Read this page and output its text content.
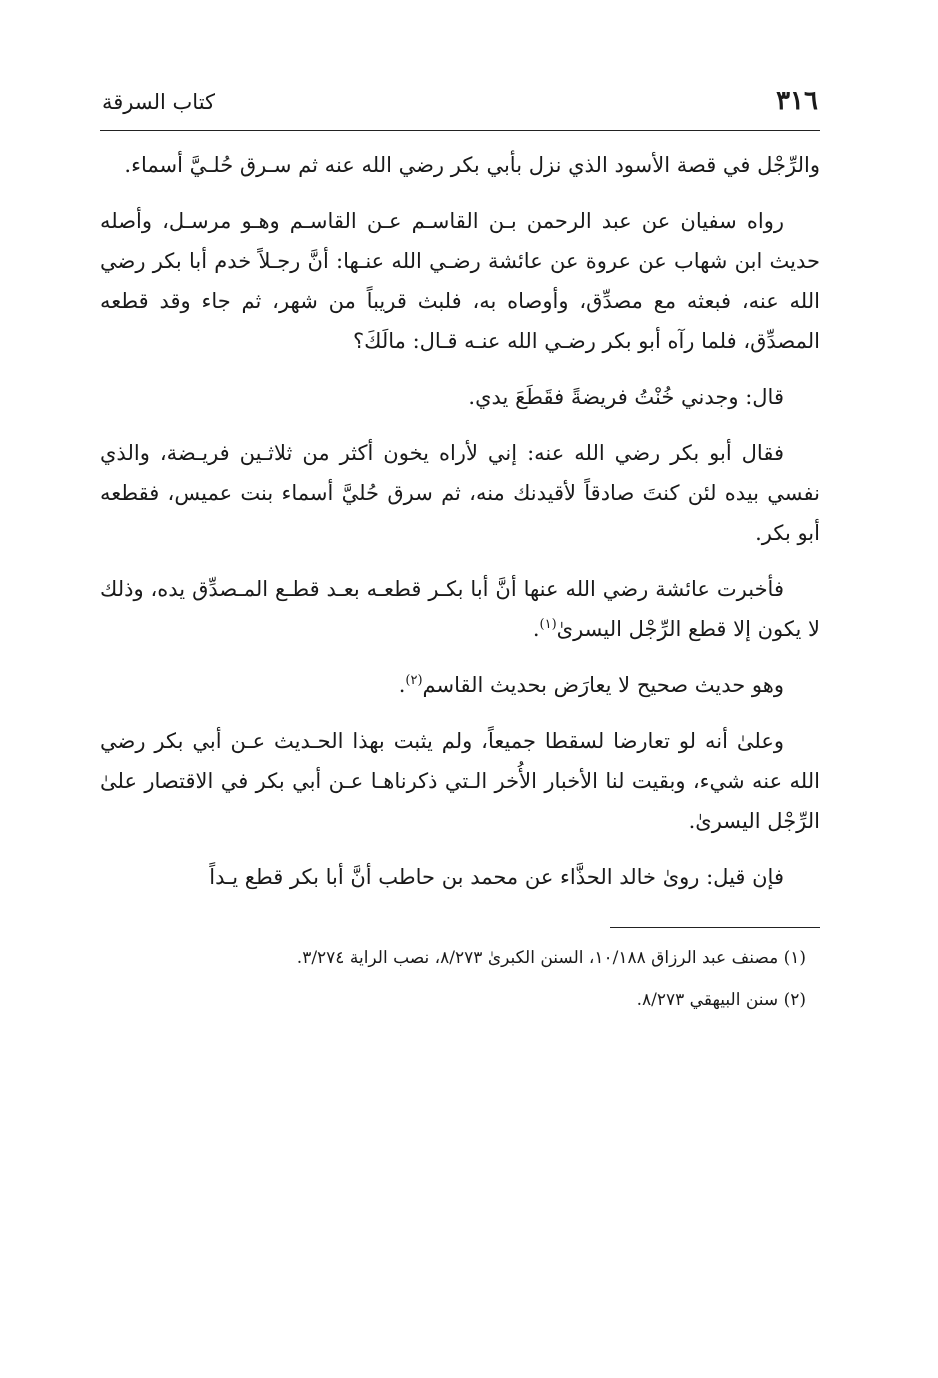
٣١٦
كتاب السرقة

والرِّجْل في قصة الأسود الذي نزل بأبي بكر رضي الله عنه ثم سـرق حُلـيَّ أسماء.

رواه سفيان عن عبد الرحمن بـن القاسـم عـن القاسـم وهـو مرسـل، وأصله حديث ابن شهاب عن عروة عن عائشة رضـي الله عنـها: أنَّ رجـلاً خدم أبا بكر رضي الله عنه، فبعثه مع مصدِّق، وأوصاه به، فلبث قريباً من شهر، ثم جاء وقد قطعه المصدِّق، فلما رآه أبو بكر رضـي الله عنـه قـال: مالَكَ؟

قال: وجدني خُنْتُ فريضةً فقَطَعَ يدي.

فقال أبو بكر رضي الله عنه: إني لأراه يخون أكثر من ثلاثـين فريـضة، والذي نفسي بيده لئن كنتَ صادقاً لأقيدنك منه، ثم سرق حُليَّ أسماء بنت عميس، فقطعه أبو بكر.

فأخبرت عائشة رضي الله عنها أنَّ أبا بكـر قطعـه بعـد قطـع المـصدِّق يده، وذلك لا يكون إلا قطع الرِّجْل اليسرىٰ$^{(١)}$.

وهو حديث صحيح لا يعارَض بحديث القاسم$^{(٢)}$.

وعلىٰ أنه لو تعارضا لسقطا جميعاً، ولم يثبت بهذا الحـديث عـن أبي بكر رضي الله عنه شيء، وبقيت لنا الأخبار الأُخر الـتي ذكرناهـا عـن أبي بكر في الاقتصار علىٰ الرِّجْل اليسرىٰ.

فإن قيل: روىٰ خالد الحذَّاء عن محمد بن حاطب أنَّ أبا بكر قطع يـداً

(١) مصنف عبد الرزاق ١٠/١٨٨، السنن الكبرىٰ ٨/٢٧٣، نصب الراية ٣/٢٧٤.

(٢) سنن البيهقي ٨/٢٧٣.
